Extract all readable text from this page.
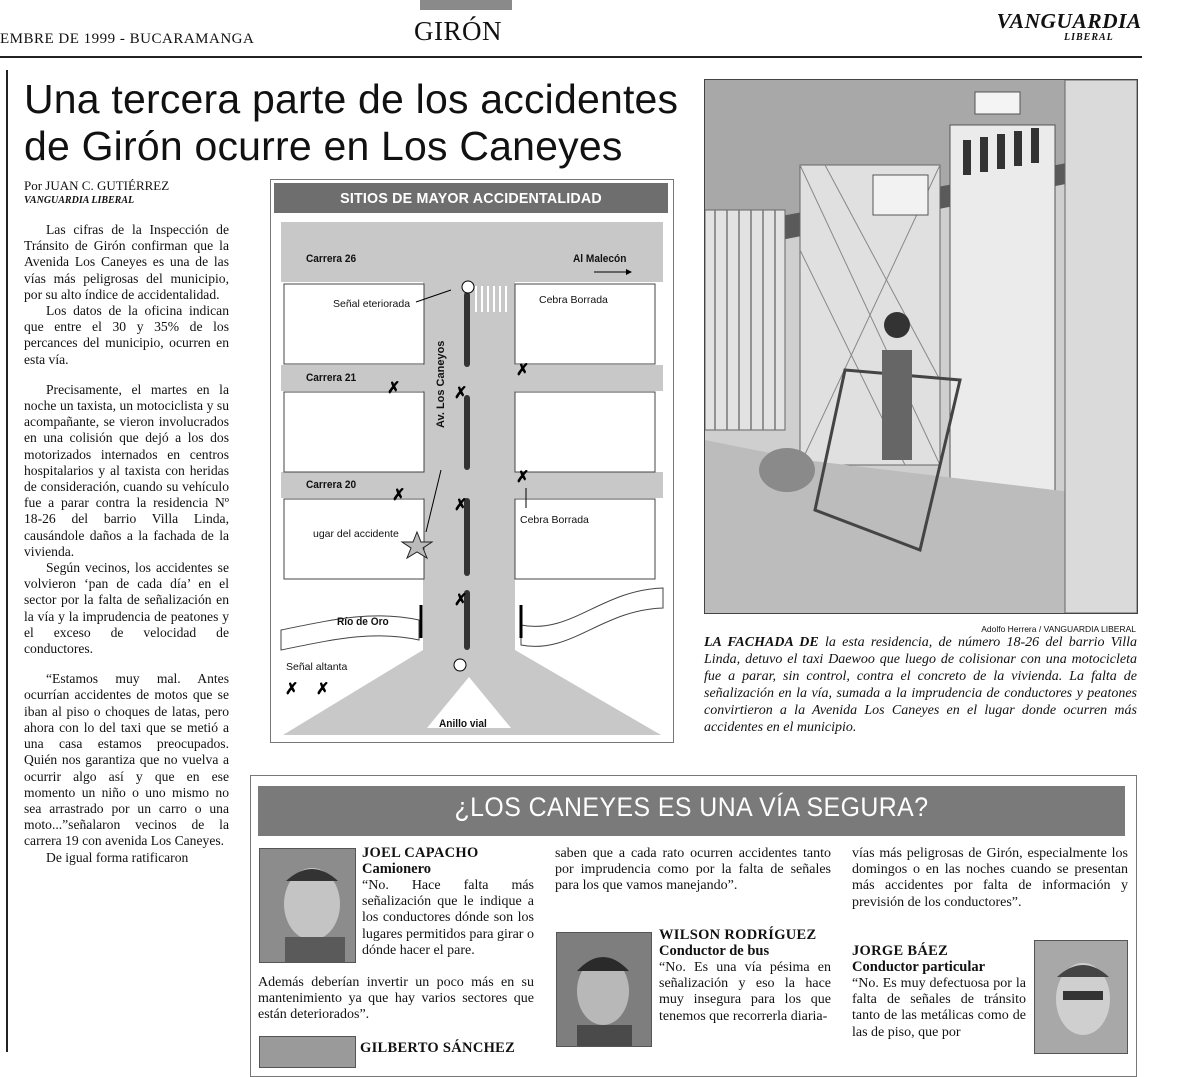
EMBRE DE 1999 - BUCARAMANGA	GIRÓN	VANGUARDIA
LIBERAL
Una tercera parte de los accidentes
de Girón ocurre en Los Caneyes
Por JUAN C. GUTIÉRREZ
VANGUARDIA LIBERAL

Las cifras de la Inspección de Tránsito de Girón confirman que la Avenida Los Caneyes es una de las vías más peligrosas del municipio, por su alto índice de accidentalidad.

Los datos de la oficina indican que entre el 30 y 35% de los percances del municipio, ocurren en esta vía.

Precisamente, el martes en la noche un taxista, un motociclista y su acompañante, se vieron involucrados en una colisión que dejó a los dos motorizados internados en centros hospitalarios y al taxista con heridas de consideración, cuando su vehículo fue a parar contra la residencia Nº 18-26 del barrio Villa Linda, causándole daños a la fachada de la vivienda.

Según vecinos, los accidentes se volvieron ‘pan de cada día’ en el sector por la falta de señalización en la vía y la imprudencia de peatones y el exceso de velocidad de conductores.

“Estamos muy mal. Antes ocurrían accidentes de motos que se iban al piso o choques de latas, pero ahora con lo del taxi que se metió a una casa estamos preocupados. Quién nos garantiza que no vuelva a ocurrir algo así y que en ese momento un niño o uno mismo no sea arrastrado por un carro o una moto...”señalaron vecinos de la carrera 19 con avenida Los Caneyes.

De igual forma ratificaron

✗
✗	✗
✗
✗
✗
✗
✗ ✗
SITIOS DE MAYOR ACCIDENTALIDAD
Carrera 26	Al Malecón
Señal eteriorada	Cebra Borrada
Av. Los Caneyos
Carrera 21
Carrera 20
Cebra Borrada
ugar del accidente
Río de Oro
Señal altanta
Anillo vial
Adolfo Herrera / VANGUARDIA LIBERAL
LA FACHADA DE la esta residencia, de número 18-26 del barrio Villa Linda, detuvo el taxi Daewoo que luego de colisionar con una motocicleta fue a parar, sin control, contra el concreto de la vivienda. La falta de señalización en la vía, sumada a la imprudencia de conductores y peatones convirtieron a la Avenida Los Caneyes en el lugar donde ocurren más accidentes en el municipio.
¿LOS CANEYES ES UNA VÍA SEGURA?
JOEL CAPACHO
Camionero
“No. Hace falta más señalización que le indique a los conductores dónde son los lugares permitidos para girar o dónde hacer el pare.
Además deberían invertir un poco más en su mantenimiento ya que hay varios sectores que están deteriorados”.
saben que a cada rato ocurren accidentes tanto por imprudencia como por la falta de señales para los que vamos manejando”.
WILSON RODRÍGUEZ
Conductor de bus
“No. Es una vía pésima en señalización y eso la hace muy insegura para los que tenemos que recorrerla diaria-
vías más peligrosas de Girón, especialmente los domingos o en las noches cuando se presentan más accidentes por falta de información y previsión de los conductores”.
JORGE BÁEZ
Conductor particular
“No. Es muy defectuosa por la falta de señales de tránsito tanto de las metálicas como de las de piso, que por
GILBERTO SÁNCHEZ
